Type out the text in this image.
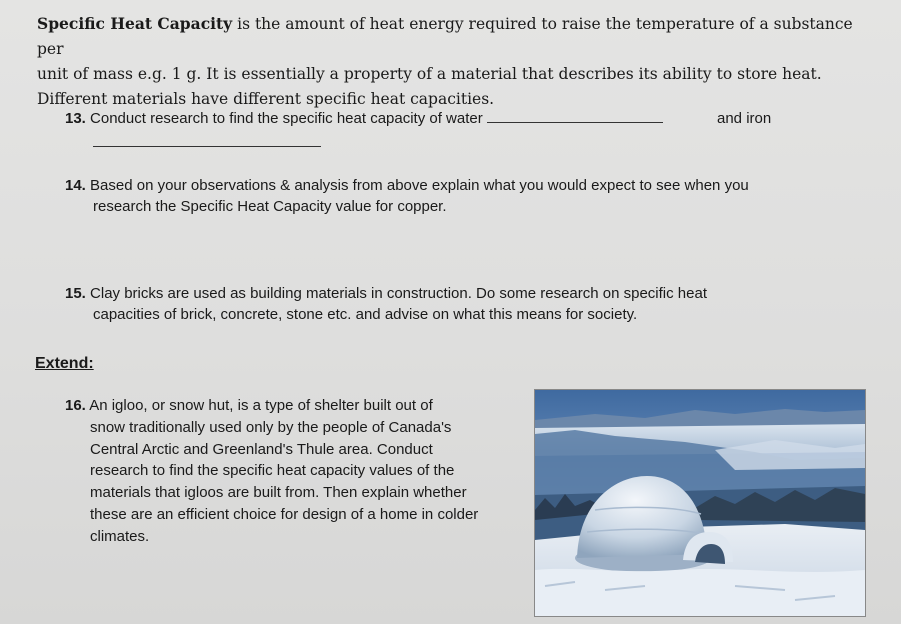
Specific Heat Capacity is the amount of heat energy required to raise the temperature of a substance per
unit of mass e.g. 1 g. It is essentially a property of a material that describes its ability to store heat.
Different materials have different specific heat capacities.
13. Conduct research to find the specific heat capacity of water	and iron
14. Based on your observations & analysis from above explain what you would expect to see when you
research the Specific Heat Capacity value for copper.
15. Clay bricks are used as building materials in construction. Do some research on specific heat
capacities of brick, concrete, stone etc. and advise on what this means for society.
Extend:
16. An igloo, or snow hut, is a type of shelter built out of
snow traditionally used only by the people of Canada's
Central Arctic and Greenland's Thule area. Conduct
research to find the specific heat capacity values of the
materials that igloos are built from. Then explain whether
these are an efficient choice for design of a home in colder
climates.
